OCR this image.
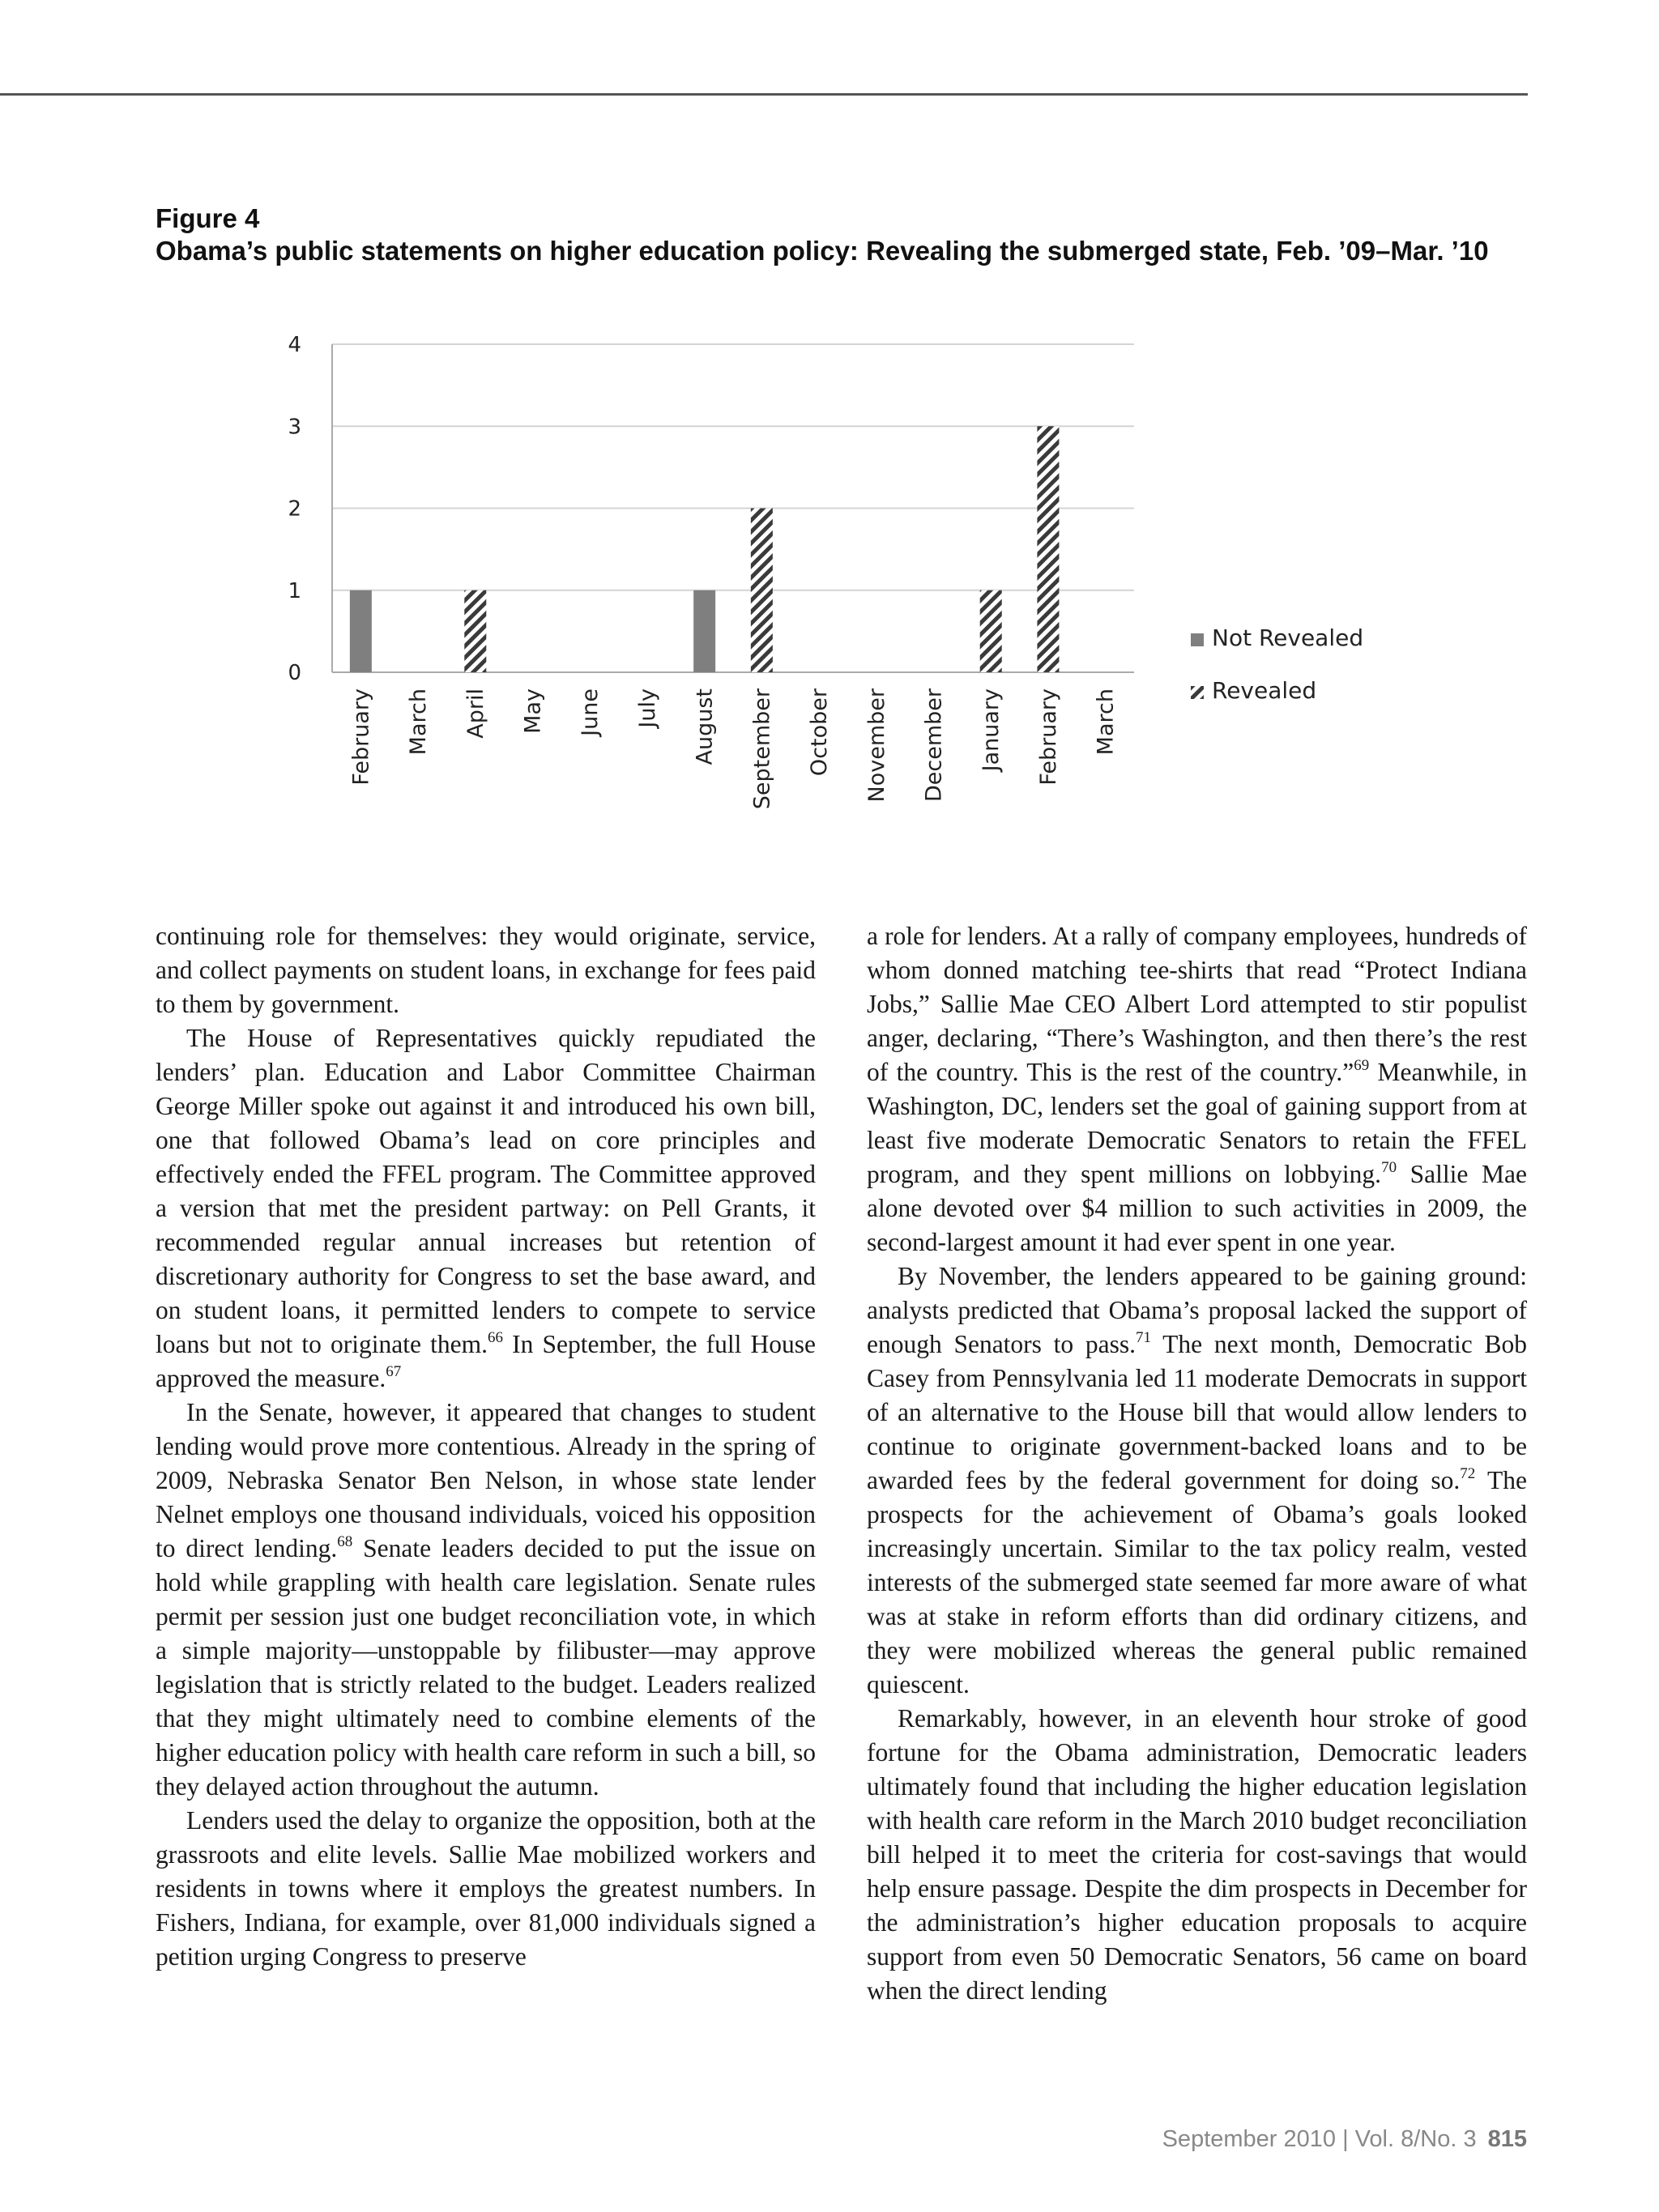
Figure 4
Obama’s public statements on higher education policy: Revealing the submerged state, Feb. ’09–Mar. ’10
0
1
2
3
4
February March April May June July August September October November December January February March
Not Revealed
Revealed

continuing role for themselves: they would originate, service, and collect payments on student loans, in exchange for fees paid to them by government.

The House of Representatives quickly repudiated the lenders’ plan. Education and Labor Committee Chairman George Miller spoke out against it and introduced his own bill, one that followed Obama’s lead on core principles and effectively ended the FFEL program. The Committee approved a version that met the president partway: on Pell Grants, it recommended regular annual increases but retention of discretionary authority for Congress to set the base award, and on student loans, it permitted lenders to compete to service loans but not to originate them.$^{66}$ In September, the full House approved the measure.$^{67}$

In the Senate, however, it appeared that changes to student lending would prove more contentious. Already in the spring of 2009, Nebraska Senator Ben Nelson, in whose state lender Nelnet employs one thousand individuals, voiced his opposition to direct lending.$^{68}$ Senate leaders decided to put the issue on hold while grappling with health care legislation. Senate rules permit per session just one budget reconciliation vote, in which a simple majority—unstoppable by filibuster—may approve legislation that is strictly related to the budget. Leaders realized that they might ultimately need to combine elements of the higher education policy with health care reform in such a bill, so they delayed action throughout the autumn.

Lenders used the delay to organize the opposition, both at the grassroots and elite levels. Sallie Mae mobilized workers and residents in towns where it employs the greatest numbers. In Fishers, Indiana, for example, over 81,000 individuals signed a petition urging Congress to preserve

a role for lenders. At a rally of company employees, hundreds of whom donned matching tee-shirts that read “Protect Indiana Jobs,” Sallie Mae CEO Albert Lord attempted to stir populist anger, declaring, “There’s Washington, and then there’s the rest of the country. This is the rest of the country.”$^{69}$ Meanwhile, in Washington, DC, lenders set the goal of gaining support from at least five moderate Democratic Senators to retain the FFEL program, and they spent millions on lobbying.$^{70}$ Sallie Mae alone devoted over $4 million to such activities in 2009, the second-largest amount it had ever spent in one year.

By November, the lenders appeared to be gaining ground: analysts predicted that Obama’s proposal lacked the support of enough Senators to pass.$^{71}$ The next month, Democratic Bob Casey from Pennsylvania led 11 moderate Democrats in support of an alternative to the House bill that would allow lenders to continue to originate government-backed loans and to be awarded fees by the federal government for doing so.$^{72}$ The prospects for the achievement of Obama’s goals looked increasingly uncertain. Similar to the tax policy realm, vested interests of the submerged state seemed far more aware of what was at stake in reform efforts than did ordinary citizens, and they were mobilized whereas the general public remained quiescent.

Remarkably, however, in an eleventh hour stroke of good fortune for the Obama administration, Democratic leaders ultimately found that including the higher education legislation with health care reform in the March 2010 budget reconciliation bill helped it to meet the criteria for cost-savings that would help ensure passage. Despite the dim prospects in December for the administration’s higher education proposals to acquire support from even 50 Democratic Senators, 56 came on board when the direct lending

September 2010 | Vol. 8/No. 3 815
